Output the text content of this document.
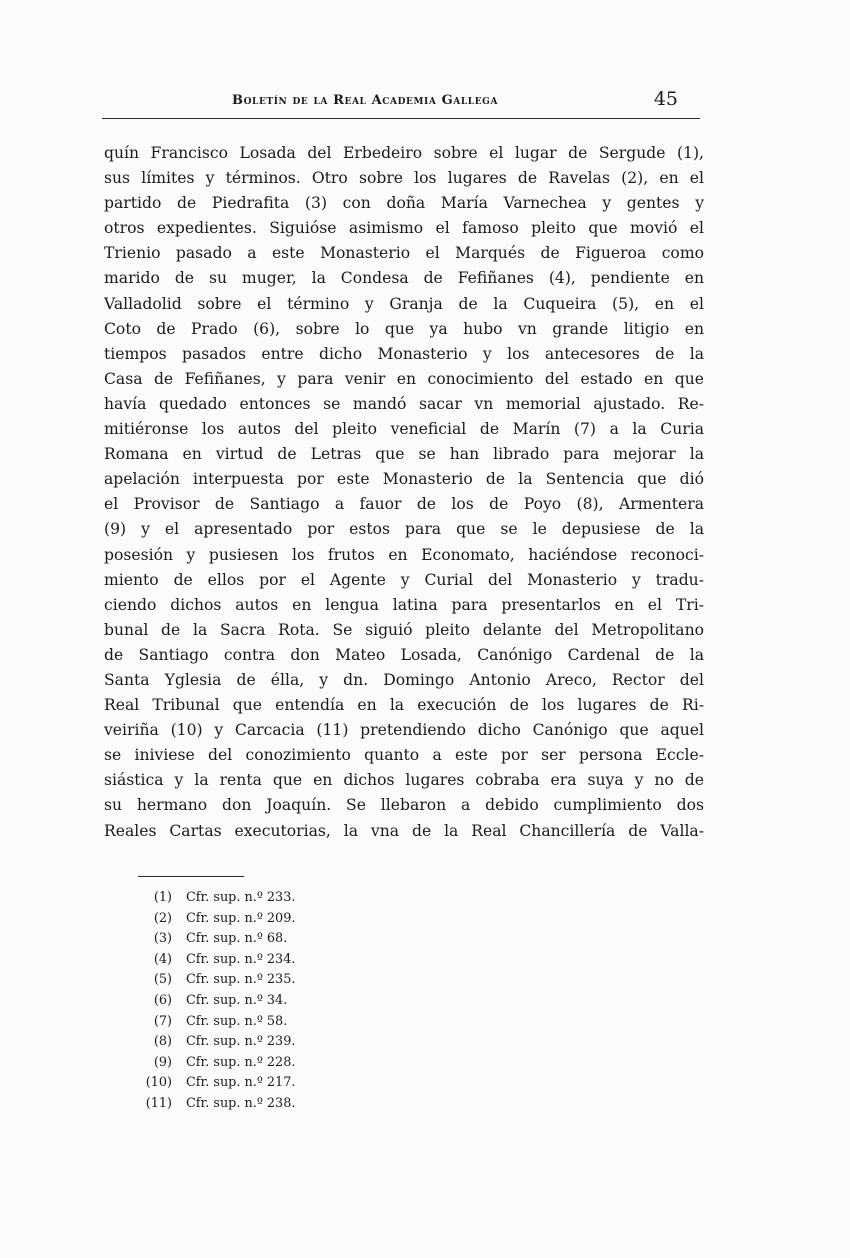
Boletín de la Real Academia Gallega	45
quín Francisco Losada del Erbedeiro sobre el lugar de Sergude (1),
sus límites y términos. Otro sobre los lugares de Ravelas (2), en el
partido de Piedrafita (3) con doña María Varnechea y gentes y
otros expedientes. Siguióse asimismo el famoso pleito que movió el
Trienio pasado a este Monasterio el Marqués de Figueroa como
marido de su muger, la Condesa de Fefiñanes (4), pendiente en
Valladolid sobre el término y Granja de la Cuqueira (5), en el
Coto de Prado (6), sobre lo que ya hubo vn grande litigio en
tiempos pasados entre dicho Monasterio y los antecesores de la
Casa de Fefiñanes, y para venir en conocimiento del estado en que
havía quedado entonces se mandó sacar vn memorial ajustado. Re-
mitiéronse los autos del pleito veneficial de Marín (7) a la Curia
Romana en virtud de Letras que se han librado para mejorar la
apelación interpuesta por este Monasterio de la Sentencia que dió
el Provisor de Santiago a fauor de los de Poyo (8), Armentera
(9) y el apresentado por estos para que se le depusiese de la
posesión y pusiesen los frutos en Economato, haciéndose reconoci-
miento de ellos por el Agente y Curial del Monasterio y tradu-
ciendo dichos autos en lengua latina para presentarlos en el Tri-
bunal de la Sacra Rota. Se siguió pleito delante del Metropolitano
de Santiago contra don Mateo Losada, Canónigo Cardenal de la
Santa Yglesia de élla, y dn. Domingo Antonio Areco, Rector del
Real Tribunal que entendía en la execución de los lugares de Ri-
veiriña (10) y Carcacia (11) pretendiendo dicho Canónigo que aquel
se iniviese del conozimiento quanto a este por ser persona Eccle-
siástica y la renta que en dichos lugares cobraba era suya y no de
su hermano don Joaquín. Se llebaron a debido cumplimiento dos
Reales Cartas executorias, la vna de la Real Chancillería de Valla-
(1) Cfr. sup. n.º 233.
(2) Cfr. sup. n.º 209.
(3) Cfr. sup. n.º 68.
(4) Cfr. sup. n.º 234.
(5) Cfr. sup. n.º 235.
(6) Cfr. sup. n.º 34.
(7) Cfr. sup. n.º 58.
(8) Cfr. sup. n.º 239.
(9) Cfr. sup. n.º 228.
(10) Cfr. sup. n.º 217.
(11) Cfr. sup. n.º 238.
